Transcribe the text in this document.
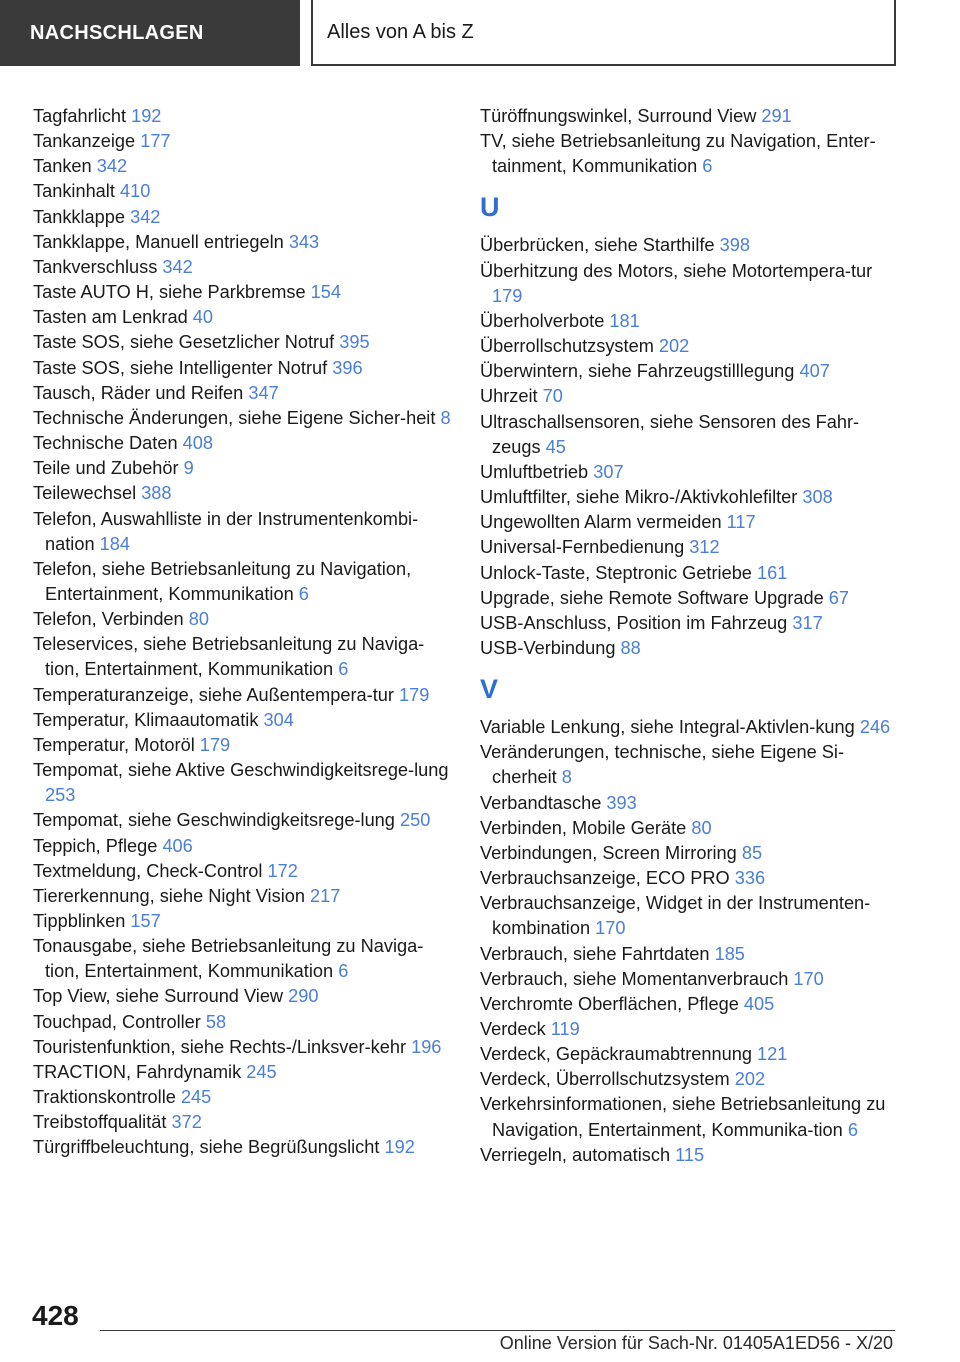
NACHSCHLAGEN	Alles von A bis Z
Tagfahrlicht 192
Tankanzeige 177
Tanken 342
Tankinhalt 410
Tankklappe 342
Tankklappe, Manuell entriegeln 343
Tankverschluss 342
Taste AUTO H, siehe Parkbremse 154
Tasten am Lenkrad 40
Taste SOS, siehe Gesetzlicher Notruf 395
Taste SOS, siehe Intelligenter Notruf 396
Tausch, Räder und Reifen 347
Technische Änderungen, siehe Eigene Sicher-heit 8
Technische Daten 408
Teile und Zubehör 9
Teilewechsel 388
Telefon, Auswahlliste in der Instrumentenkombi-nation 184
Telefon, siehe Betriebsanleitung zu Navigation, Entertainment, Kommunikation 6
Telefon, Verbinden 80
Teleservices, siehe Betriebsanleitung zu Naviga-tion, Entertainment, Kommunikation 6
Temperaturanzeige, siehe Außentempera-tur 179
Temperatur, Klimaautomatik 304
Temperatur, Motoröl 179
Tempomat, siehe Aktive Geschwindigkeitsrege-lung 253
Tempomat, siehe Geschwindigkeitsrege-lung 250
Teppich, Pflege 406
Textmeldung, Check-Control 172
Tiererkennung, siehe Night Vision 217
Tippblinken 157
Tonausgabe, siehe Betriebsanleitung zu Naviga-tion, Entertainment, Kommunikation 6
Top View, siehe Surround View 290
Touchpad, Controller 58
Touristenfunktion, siehe Rechts-/Linksver-kehr 196
TRACTION, Fahrdynamik 245
Traktionskontrolle 245
Treibstoffqualität 372
Türgriffbeleuchtung, siehe Begrüßungslicht 192
Türöffnungswinkel, Surround View 291
TV, siehe Betriebsanleitung zu Navigation, Enter-tainment, Kommunikation 6
U
Überbrücken, siehe Starthilfe 398
Überhitzung des Motors, siehe Motortempera-tur 179
Überholverbote 181
Überrollschutzsystem 202
Überwintern, siehe Fahrzeugstilllegung 407
Uhrzeit 70
Ultraschallsensoren, siehe Sensoren des Fahr-zeugs 45
Umluftbetrieb 307
Umluftfilter, siehe Mikro-/Aktivkohlefilter 308
Ungewollten Alarm vermeiden 117
Universal-Fernbedienung 312
Unlock-Taste, Steptronic Getriebe 161
Upgrade, siehe Remote Software Upgrade 67
USB-Anschluss, Position im Fahrzeug 317
USB-Verbindung 88
V
Variable Lenkung, siehe Integral-Aktivlen-kung 246
Veränderungen, technische, siehe Eigene Si-cherheit 8
Verbandtasche 393
Verbinden, Mobile Geräte 80
Verbindungen, Screen Mirroring 85
Verbrauchsanzeige, ECO PRO 336
Verbrauchsanzeige, Widget in der Instrumenten-kombination 170
Verbrauch, siehe Fahrtdaten 185
Verbrauch, siehe Momentanverbrauch 170
Verchromte Oberflächen, Pflege 405
Verdeck 119
Verdeck, Gepäckraumabtrennung 121
Verdeck, Überrollschutzsystem 202
Verkehrsinformationen, siehe Betriebsanleitung zu Navigation, Entertainment, Kommunika-tion 6
Verriegeln, automatisch 115
428
Online Version für Sach-Nr. 01405A1ED56 - X/20
